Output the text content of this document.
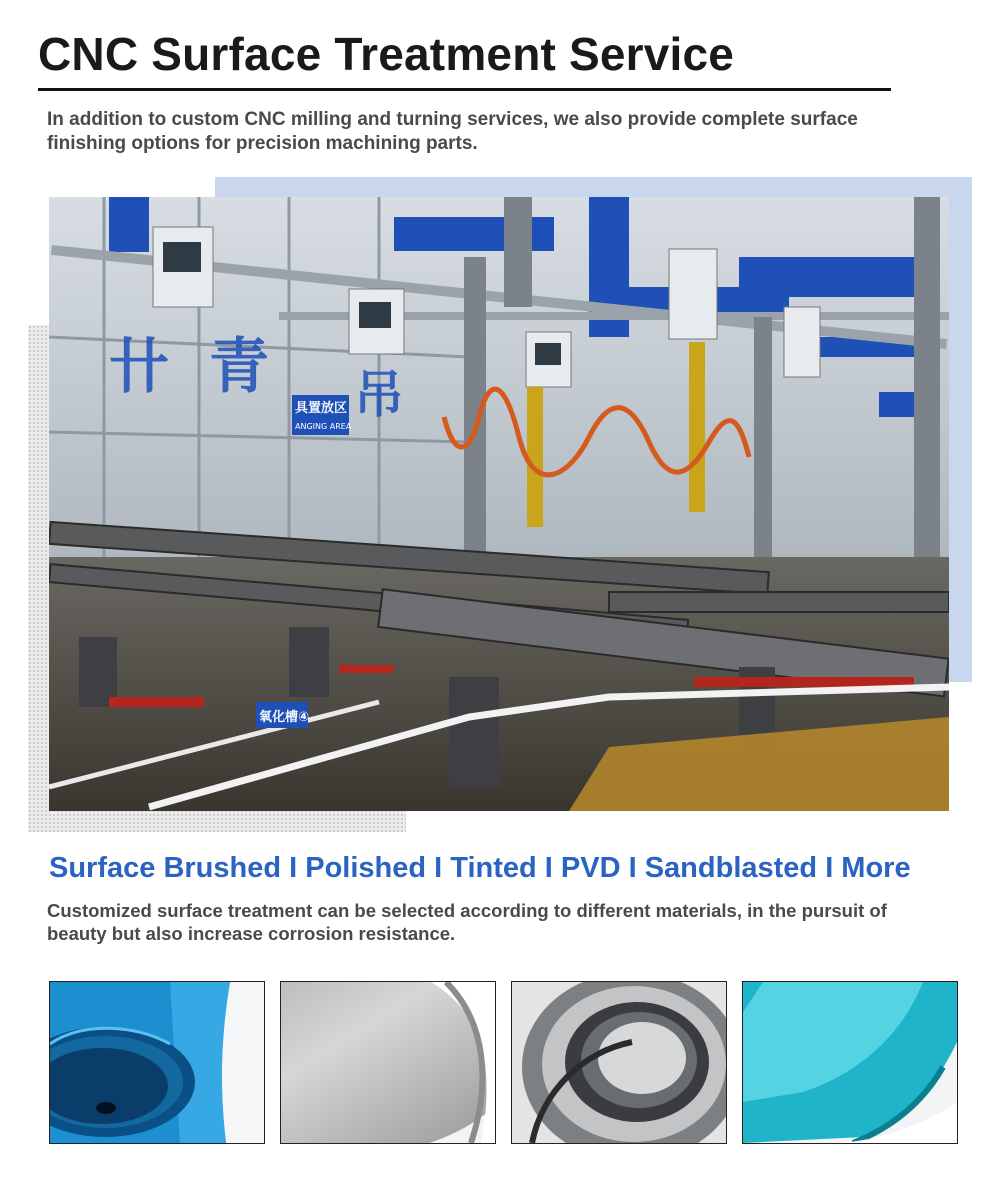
CNC Surface Treatment Service

In addition to custom CNC milling and turning services, we also provide complete surface finishing options for precision machining parts.

卄 青 吊
具置放区
ANGING AREA
氧化槽④
Surface Brushed I Polished I Tinted I PVD I Sandblasted I More

Customized surface treatment can be selected according to different materials, in the pursuit of beauty but also increase corrosion resistance.
